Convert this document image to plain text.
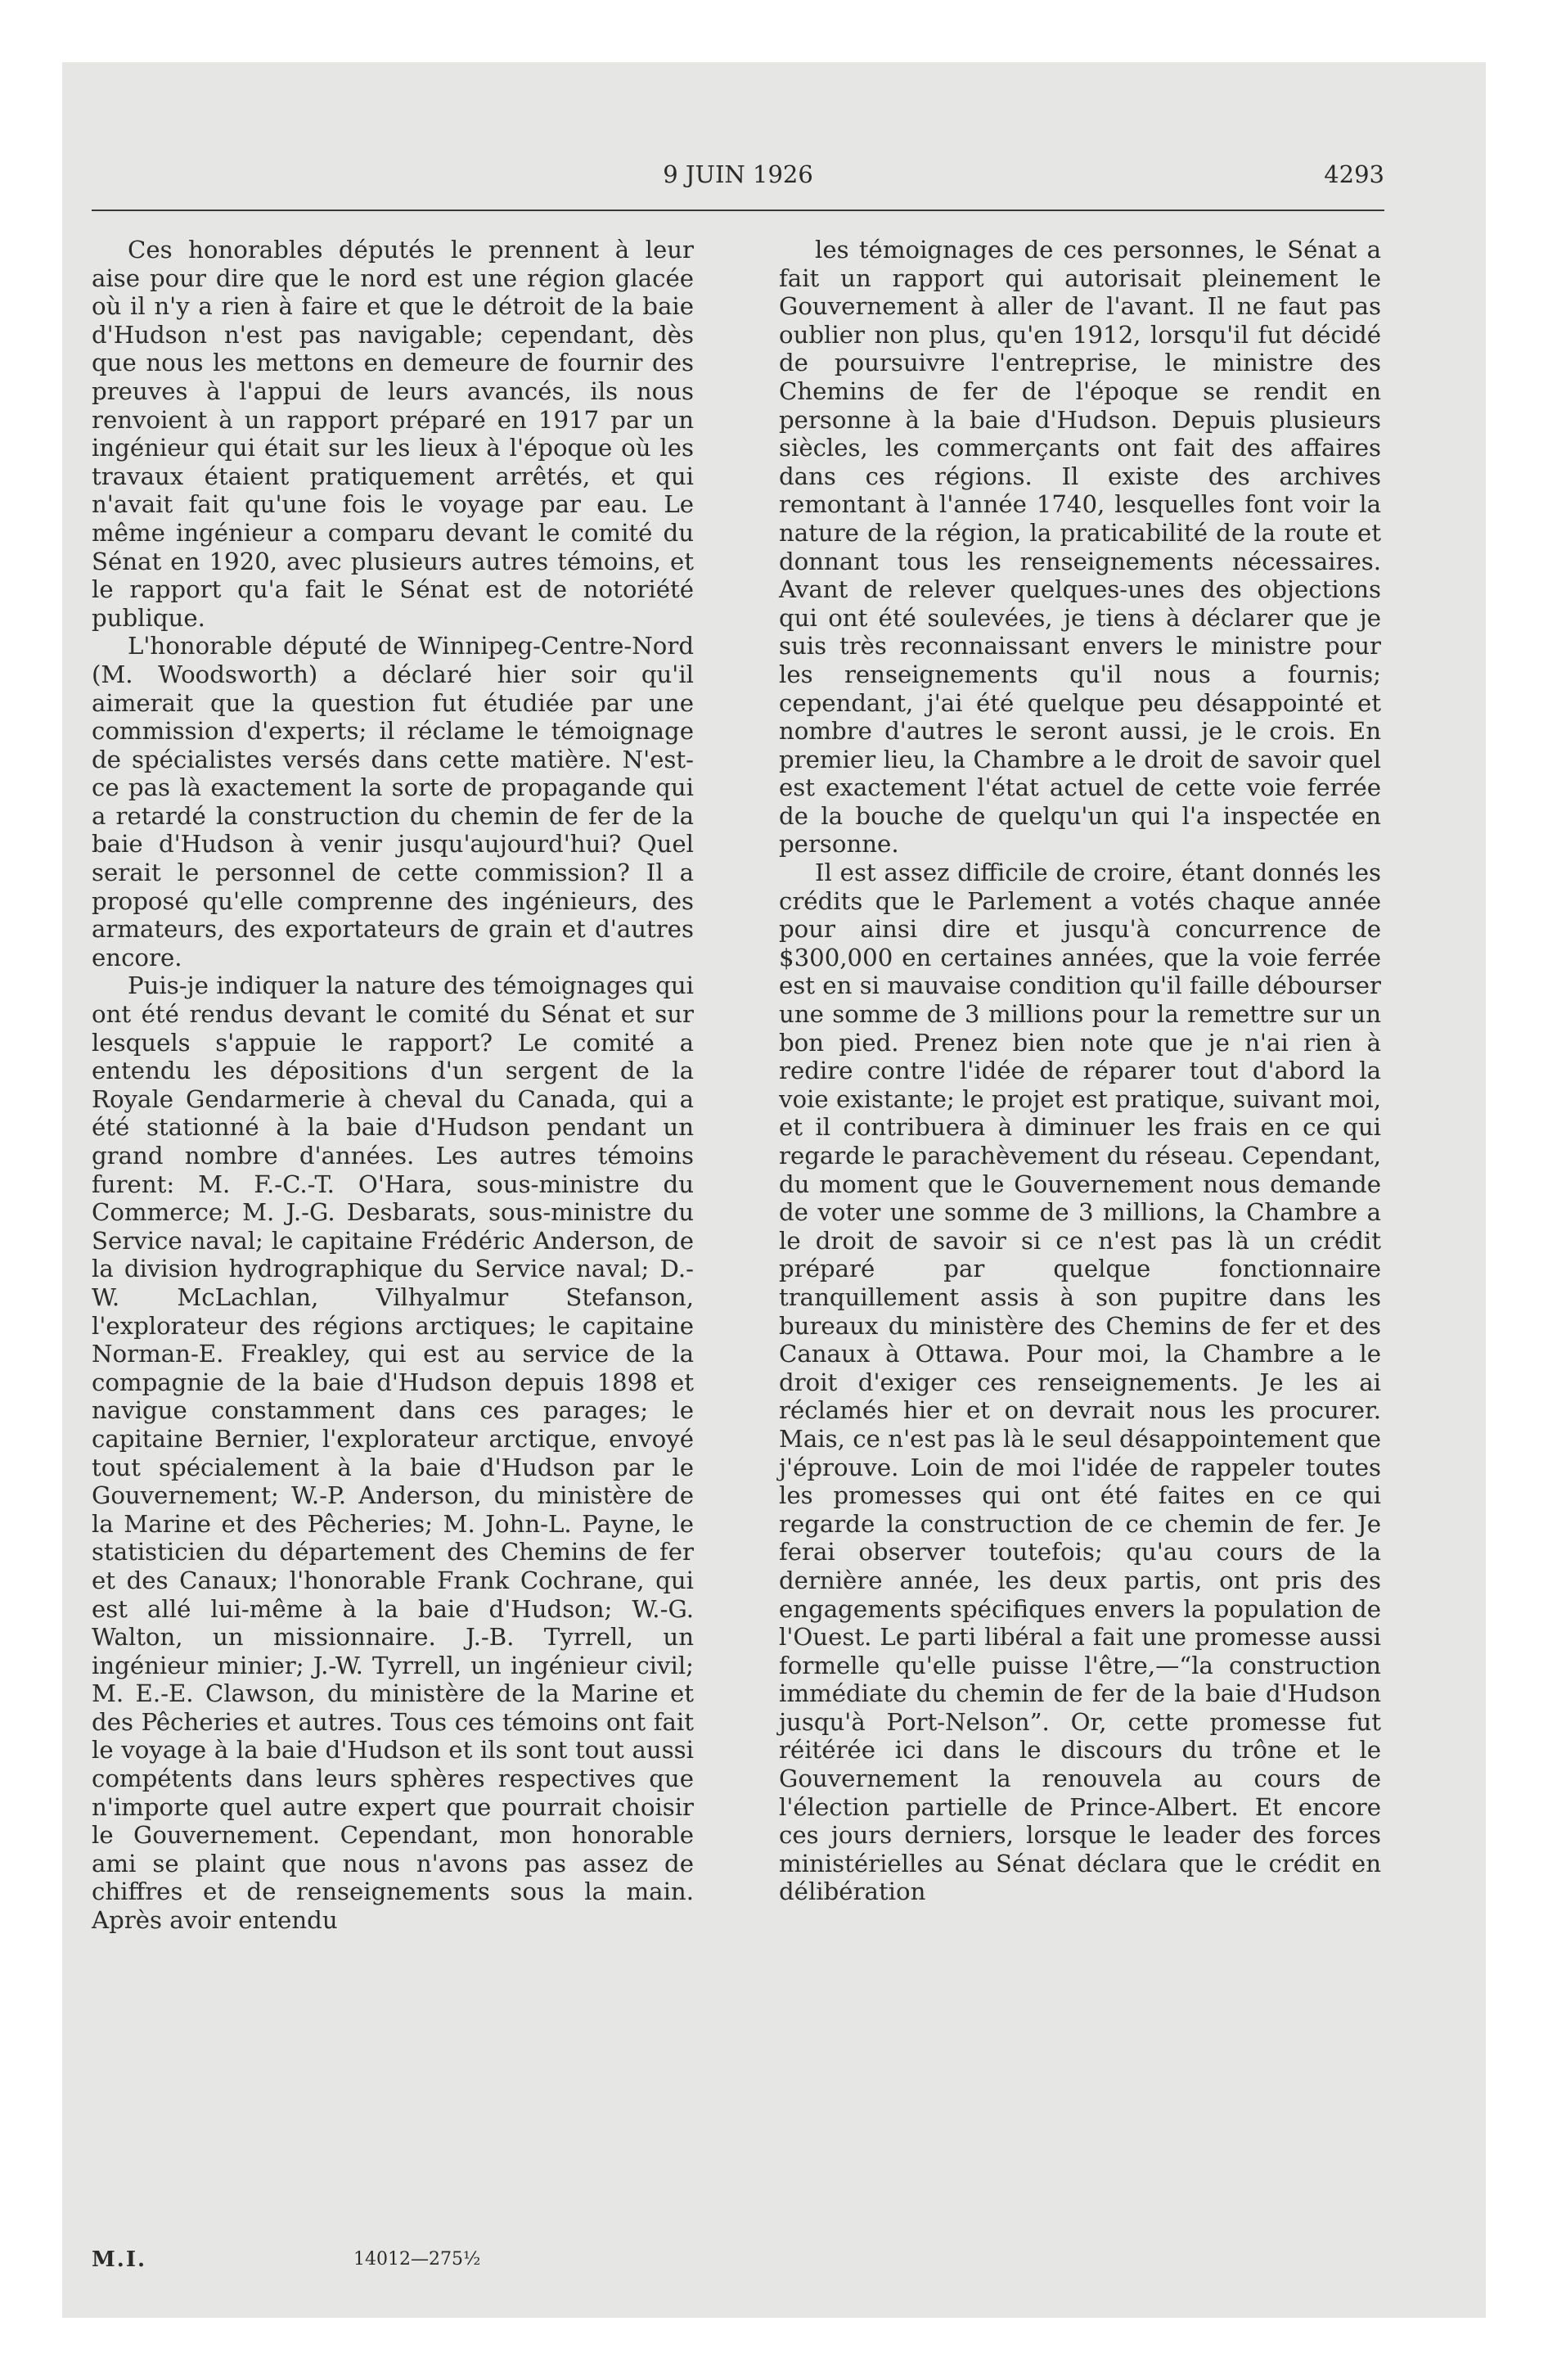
9 JUIN 1926	4293

Ces honorables députés le prennent à leur aise pour dire que le nord est une région glacée où il n'y a rien à faire et que le détroit de la baie d'Hudson n'est pas navigable; cependant, dès que nous les mettons en demeure de fournir des preuves à l'appui de leurs avancés, ils nous renvoient à un rapport préparé en 1917 par un ingénieur qui était sur les lieux à l'époque où les travaux étaient pratiquement arrêtés, et qui n'avait fait qu'une fois le voyage par eau. Le même ingénieur a comparu devant le comité du Sénat en 1920, avec plusieurs autres témoins, et le rapport qu'a fait le Sénat est de notoriété publique.

L'honorable député de Winnipeg-Centre-Nord (M. Woodsworth) a déclaré hier soir qu'il aimerait que la question fut étudiée par une commission d'experts; il réclame le témoignage de spécialistes versés dans cette matière. N'est-ce pas là exactement la sorte de propagande qui a retardé la construction du chemin de fer de la baie d'Hudson à venir jusqu'aujourd'hui? Quel serait le personnel de cette commission? Il a proposé qu'elle comprenne des ingénieurs, des armateurs, des exportateurs de grain et d'autres encore.

Puis-je indiquer la nature des témoignages qui ont été rendus devant le comité du Sénat et sur lesquels s'appuie le rapport? Le comité a entendu les dépositions d'un sergent de la Royale Gendarmerie à cheval du Canada, qui a été stationné à la baie d'Hudson pendant un grand nombre d'années. Les autres témoins furent: M. F.-C.-T. O'Hara, sous-ministre du Commerce; M. J.-G. Desbarats, sous-ministre du Service naval; le capitaine Frédéric Anderson, de la division hydrographique du Service naval; D.-W. McLachlan, Vilhyalmur Stefanson, l'explorateur des régions arctiques; le capitaine Norman-E. Freakley, qui est au service de la compagnie de la baie d'Hudson depuis 1898 et navigue constamment dans ces parages; le capitaine Bernier, l'explorateur arctique, envoyé tout spécialement à la baie d'Hudson par le Gouvernement; W.-P. Anderson, du ministère de la Marine et des Pêcheries; M. John-L. Payne, le statisticien du département des Chemins de fer et des Canaux; l'honorable Frank Cochrane, qui est allé lui-même à la baie d'Hudson; W.-G. Walton, un missionnaire. J.-B. Tyrrell, un ingénieur minier; J.-W. Tyrrell, un ingénieur civil; M. E.-E. Clawson, du ministère de la Marine et des Pêcheries et autres. Tous ces témoins ont fait le voyage à la baie d'Hudson et ils sont tout aussi compétents dans leurs sphères respectives que n'importe quel autre expert que pourrait choisir le Gouvernement. Cependant, mon honorable ami se plaint que nous n'avons pas assez de chiffres et de renseignements sous la main. Après avoir entendu

les témoignages de ces personnes, le Sénat a fait un rapport qui autorisait pleinement le Gouvernement à aller de l'avant. Il ne faut pas oublier non plus, qu'en 1912, lorsqu'il fut décidé de poursuivre l'entreprise, le ministre des Chemins de fer de l'époque se rendit en personne à la baie d'Hudson. Depuis plusieurs siècles, les commerçants ont fait des affaires dans ces régions. Il existe des archives remontant à l'année 1740, lesquelles font voir la nature de la région, la praticabilité de la route et donnant tous les renseignements nécessaires. Avant de relever quelques-unes des objections qui ont été soulevées, je tiens à déclarer que je suis très reconnaissant envers le ministre pour les renseignements qu'il nous a fournis; cependant, j'ai été quelque peu désappointé et nombre d'autres le seront aussi, je le crois. En premier lieu, la Chambre a le droit de savoir quel est exactement l'état actuel de cette voie ferrée de la bouche de quelqu'un qui l'a inspectée en personne.

Il est assez difficile de croire, étant donnés les crédits que le Parlement a votés chaque année pour ainsi dire et jusqu'à concurrence de $300,000 en certaines années, que la voie ferrée est en si mauvaise condition qu'il faille débourser une somme de 3 millions pour la remettre sur un bon pied. Prenez bien note que je n'ai rien à redire contre l'idée de réparer tout d'abord la voie existante; le projet est pratique, suivant moi, et il contribuera à diminuer les frais en ce qui regarde le parachèvement du réseau. Cependant, du moment que le Gouvernement nous demande de voter une somme de 3 millions, la Chambre a le droit de savoir si ce n'est pas là un crédit préparé par quelque fonctionnaire tranquillement assis à son pupitre dans les bureaux du ministère des Chemins de fer et des Canaux à Ottawa. Pour moi, la Chambre a le droit d'exiger ces renseignements. Je les ai réclamés hier et on devrait nous les procurer. Mais, ce n'est pas là le seul désappointement que j'éprouve. Loin de moi l'idée de rappeler toutes les promesses qui ont été faites en ce qui regarde la construction de ce chemin de fer. Je ferai observer toutefois; qu'au cours de la dernière année, les deux partis, ont pris des engagements spécifiques envers la population de l'Ouest. Le parti libéral a fait une promesse aussi formelle qu'elle puisse l'être,—“la construction immédiate du chemin de fer de la baie d'Hudson jusqu'à Port-Nelson”. Or, cette promesse fut réitérée ici dans le discours du trône et le Gouvernement la renouvela au cours de l'élection partielle de Prince-Albert. Et encore ces jours derniers, lorsque le leader des forces ministérielles au Sénat déclara que le crédit en délibération

M.I.	14012—275½
